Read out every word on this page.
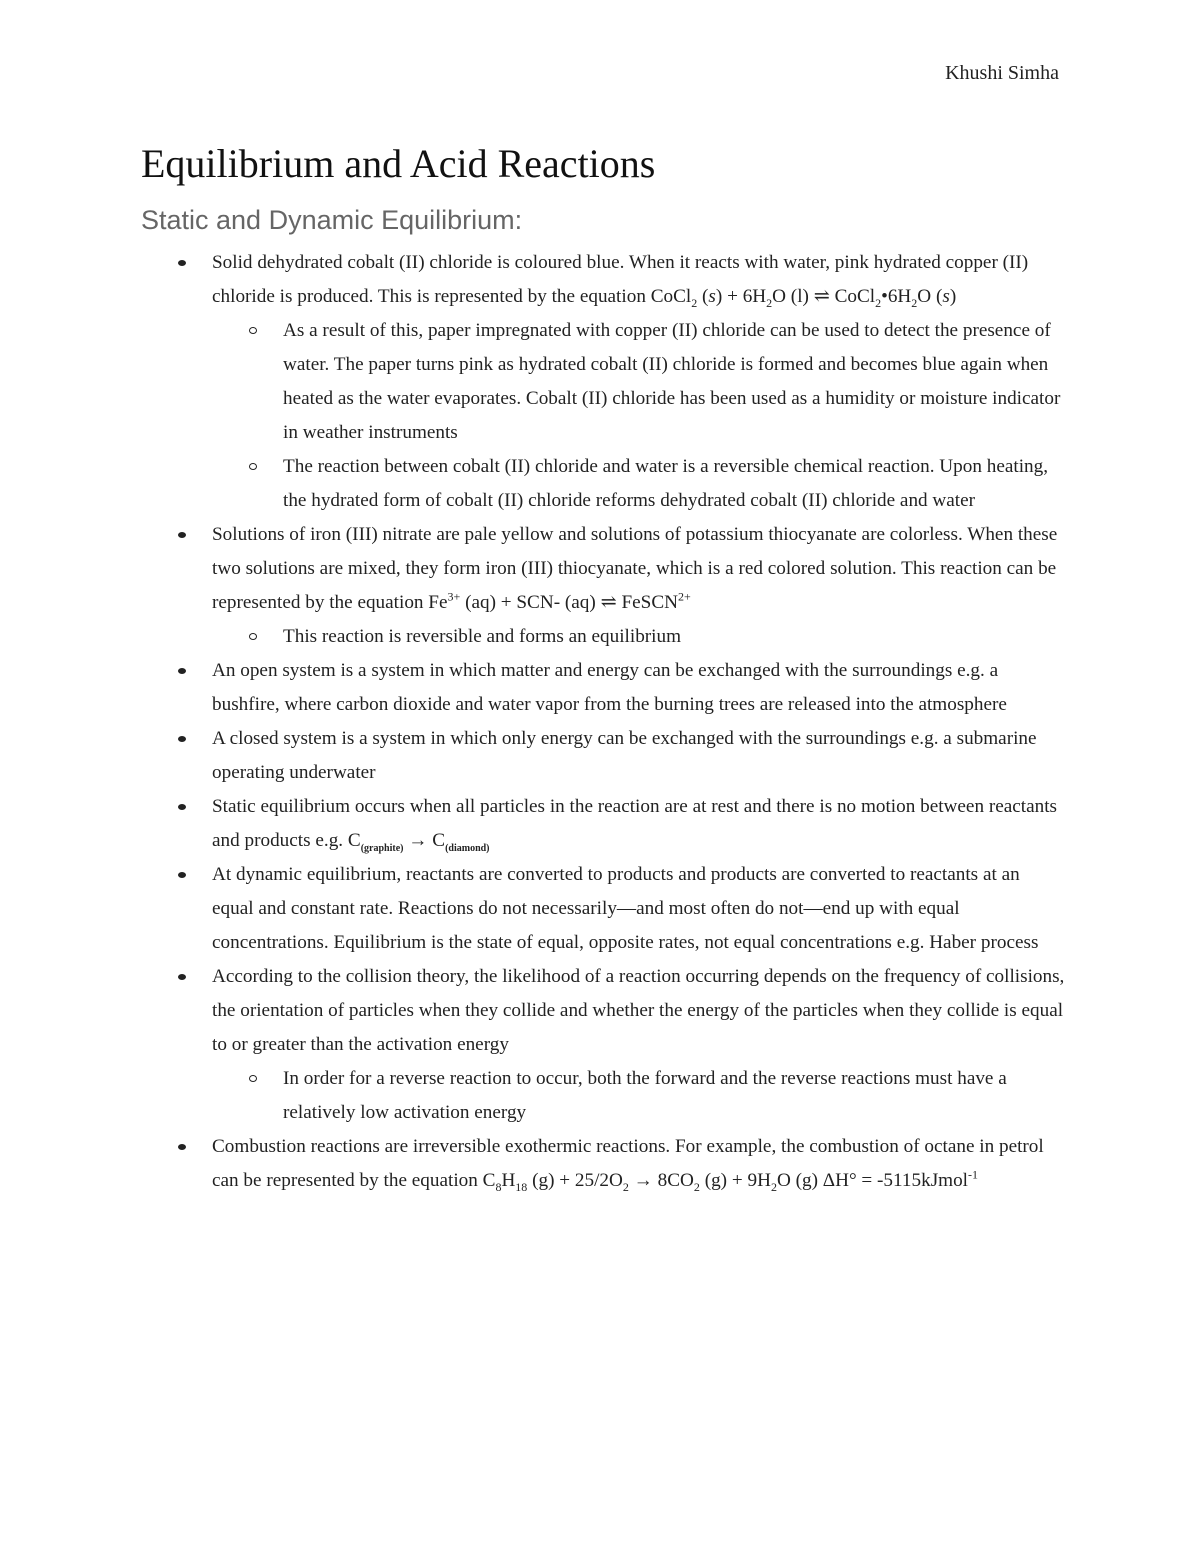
Khushi Simha
Equilibrium and Acid Reactions
Static and Dynamic Equilibrium:
Solid dehydrated cobalt (II) chloride is coloured blue. When it reacts with water, pink hydrated copper (II) chloride is produced. This is represented by the equation CoCl$_2$ $(s) + 6H_2O$ (l) ⇌ $CoCl_2•6H_2O$ (s)
As a result of this, paper impregnated with copper (II) chloride can be used to detect the presence of water. The paper turns pink as hydrated cobalt (II) chloride is formed and becomes blue again when heated as the water evaporates. Cobalt (II) chloride has been used as a humidity or moisture indicator in weather instruments
The reaction between cobalt (II) chloride and water is a reversible chemical reaction. Upon heating, the hydrated form of cobalt (II) chloride reforms dehydrated cobalt (II) chloride and water
Solutions of iron (III) nitrate are pale yellow and solutions of potassium thiocyanate are colorless. When these two solutions are mixed, they form iron (III) thiocyanate, which is a red colored solution. This reaction can be represented by the equation $Fe^{3+}$ (aq) + SCN- (aq) ⇌ FeSCN$^{2+}$
This reaction is reversible and forms an equilibrium
An open system is a system in which matter and energy can be exchanged with the surroundings e.g. a bushfire, where carbon dioxide and water vapor from the burning trees are released into the atmosphere
A closed system is a system in which only energy can be exchanged with the surroundings e.g. a submarine operating underwater
Static equilibrium occurs when all particles in the reaction are at rest and there is no motion between reactants and products e.g. $C_{(graphite)} \to C_{(diamond)}$
At dynamic equilibrium, reactants are converted to products and products are converted to reactants at an equal and constant rate. Reactions do not necessarily—and most often do not—end up with equal concentrations. Equilibrium is the state of equal, opposite rates, not equal concentrations e.g. Haber process
According to the collision theory, the likelihood of a reaction occurring depends on the frequency of collisions, the orientation of particles when they collide and whether the energy of the particles when they collide is equal to or greater than the activation energy
In order for a reverse reaction to occur, both the forward and the reverse reactions must have a relatively low activation energy
Combustion reactions are irreversible exothermic reactions. For example, the combustion of octane in petrol can be represented by the equation $C_8H_{18}$ $(g) + 25/2O_2 \to 8CO_2$ $(g) + 9H_2O$ (g) ΔH° = -5115kJmol$^{-1}$
